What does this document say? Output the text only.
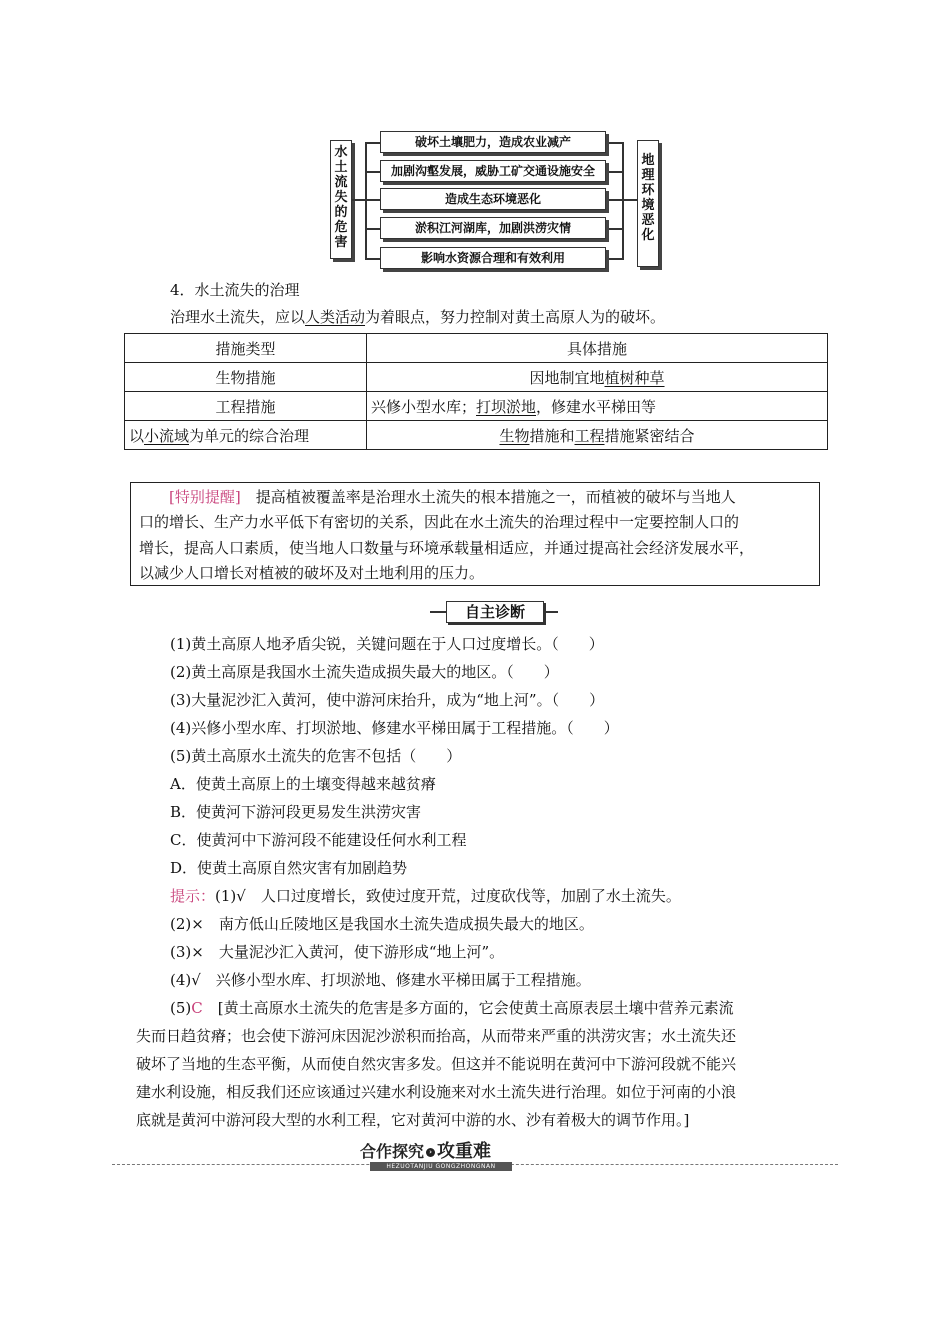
水土流失的危害
地理环境恶化
破坏土壤肥力，造成农业减产
加剧沟壑发展，威胁工矿交通设施安全
造成生态环境恶化
淤积江河湖库，加剧洪涝灾情
影响水资源合理和有效利用
4．水土流失的治理
治理水土流失，应以人类活动为着眼点，努力控制对黄土高原人为的破坏。
措施类型	具体措施
生物措施	因地制宜地植树种草
工程措施	兴修小型水库；打坝淤地，修建水平梯田等
以小流域为单元的综合治理	生物措施和工程措施紧密结合
[特别提醒]　 提高植被覆盖率是治理水土流失的根本措施之一，而植被的破坏与当地人
口的增长、生产力水平低下有密切的关系，因此在水土流失的治理过程中一定要控制人口的
增长，提高人口素质，使当地人口数量与环境承载量相适应，并通过提高社会经济发展水平，
以减少人口增长对植被的破坏及对土地利用的压力。
自主诊断
(1)黄土高原人地矛盾尖锐，关键问题在于人口过度增长。（　　）
(2)黄土高原是我国水土流失造成损失最大的地区。（　　）
(3)大量泥沙汇入黄河，使中游河床抬升，成为“地上河”。（　　）
(4)兴修小型水库、打坝淤地、修建水平梯田属于工程措施。（　　）
(5)黄土高原水土流失的危害不包括（　　）
A．使黄土高原上的土壤变得越来越贫瘠
B．使黄河下游河段更易发生洪涝灾害
C．使黄河中下游河段不能建设任何水利工程
D．使黄土高原自然灾害有加剧趋势
提示：(1)√　人口过度增长，致使过度开荒，过度砍伐等，加剧了水土流失。
(2)×　南方低山丘陵地区是我国水土流失造成损失最大的地区。
(3)×　大量泥沙汇入黄河，使下游形成“地上河”。
(4)√　兴修小型水库、打坝淤地、修建水平梯田属于工程措施。
(5)C　 [黄土高原水土流失的危害是多方面的，它会使黄土高原表层土壤中营养元素流
失而日趋贫瘠；也会使下游河床因泥沙淤积而抬高，从而带来严重的洪涝灾害；水土流失还
破坏了当地的生态平衡，从而使自然灾害多发。但这并不能说明在黄河中下游河段就不能兴
建水利设施，相反我们还应该通过兴建水利设施来对水土流失进行治理。如位于河南的小浪
底就是黄河中游河段大型的水利工程，它对黄河中游的水、沙有着极大的调节作用。]
合作探究 › 攻重难
HEZUOTANJIU GONGZHONGNAN
